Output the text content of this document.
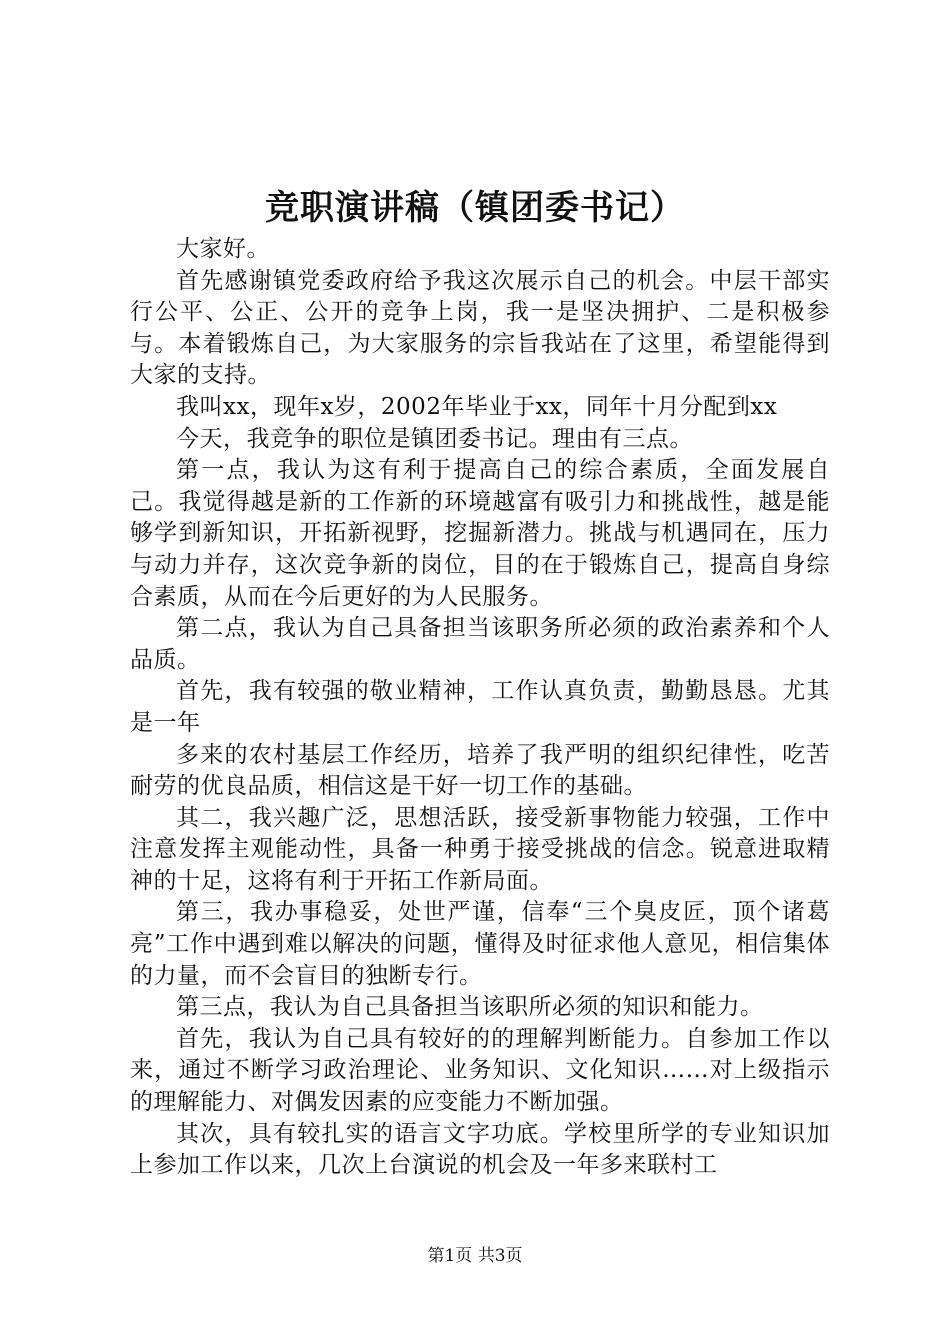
竞职演讲稿（镇团委书记）

大家好。

首先感谢镇党委政府给予我这次展示自己的机会。中层干部实行公平、公正、公开的竞争上岗，我一是坚决拥护、二是积极参与。本着锻炼自己，为大家服务的宗旨我站在了这里，希望能得到大家的支持。

我叫xx，现年x岁，2002年毕业于xx，同年十月分配到xx

今天，我竞争的职位是镇团委书记。理由有三点。

第一点，我认为这有利于提高自己的综合素质，全面发展自己。我觉得越是新的工作新的环境越富有吸引力和挑战性，越是能够学到新知识，开拓新视野，挖掘新潜力。挑战与机遇同在，压力与动力并存，这次竞争新的岗位，目的在于锻炼自己，提高自身综合素质，从而在今后更好的为人民服务。

第二点，我认为自己具备担当该职务所必须的政治素养和个人品质。

首先，我有较强的敬业精神，工作认真负责，勤勤恳恳。尤其是一年

多来的农村基层工作经历，培养了我严明的组织纪律性，吃苦耐劳的优良品质，相信这是干好一切工作的基础。

其二，我兴趣广泛，思想活跃，接受新事物能力较强，工作中注意发挥主观能动性，具备一种勇于接受挑战的信念。锐意进取精神的十足，这将有利于开拓工作新局面。

第三，我办事稳妥，处世严谨，信奉“三个臭皮匠，顶个诸葛亮”工作中遇到难以解决的问题，懂得及时征求他人意见，相信集体的力量，而不会盲目的独断专行。

第三点，我认为自己具备担当该职所必须的知识和能力。

首先，我认为自己具有较好的的理解判断能力。自参加工作以来，通过不断学习政治理论、业务知识、文化知识……对上级指示的理解能力、对偶发因素的应变能力不断加强。

其次，具有较扎实的语言文字功底。学校里所学的专业知识加上参加工作以来，几次上台演说的机会及一年多来联村工

第1页 共3页
